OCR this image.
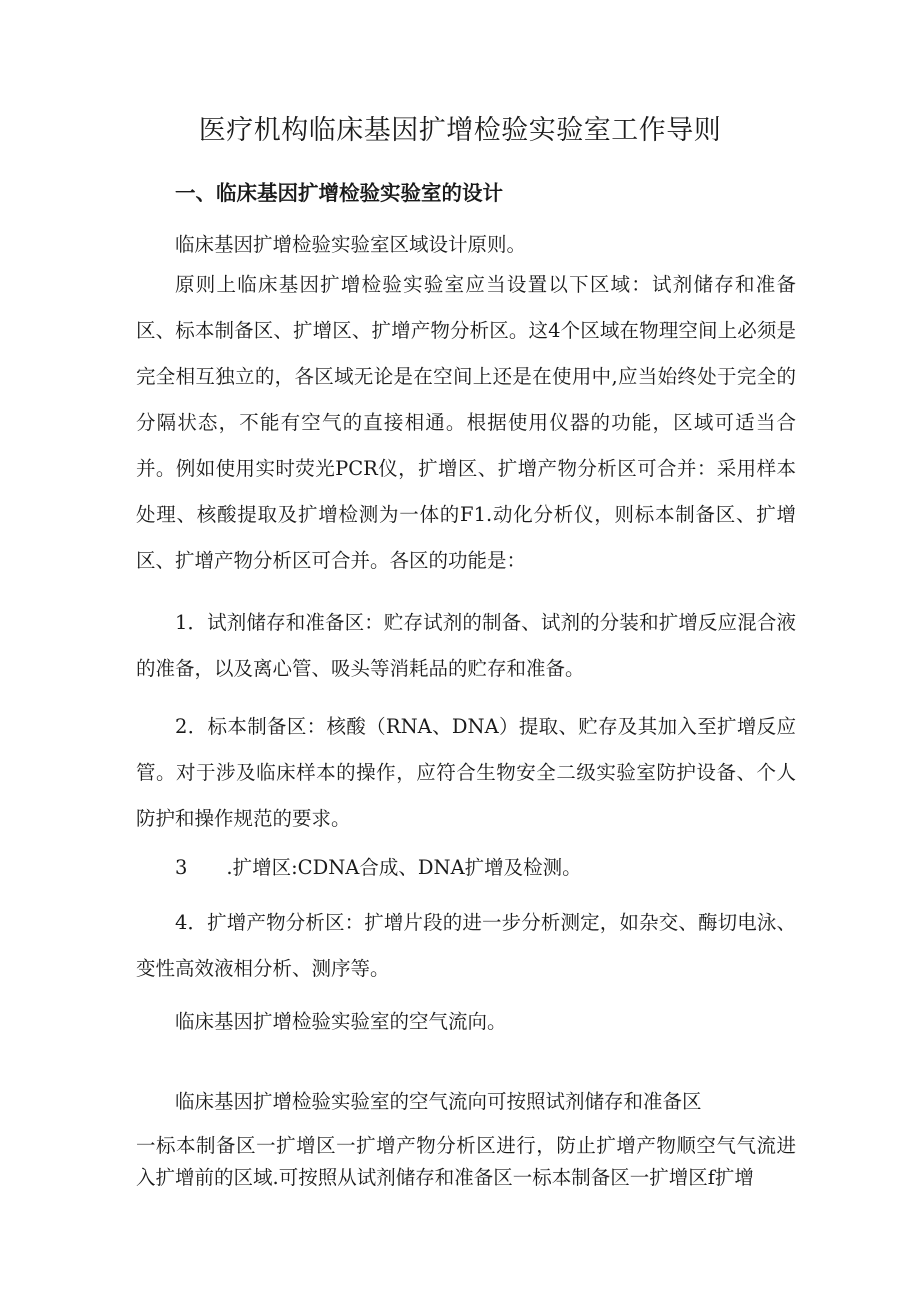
医疗机构临床基因扩增检验实验室工作导则
一、临床基因扩增检验实验室的设计

临床基因扩增检验实验室区域设计原则。

原则上临床基因扩增检验实验室应当设置以下区域：试剂储存和准备区、标本制备区、扩增区、扩增产物分析区。这4个区域在物理空间上必须是完全相互独立的，各区域无论是在空间上还是在使用中,应当始终处于完全的分隔状态，不能有空气的直接相通。根据使用仪器的功能，区域可适当合并。例如使用实时荧光PCR仪，扩增区、扩增产物分析区可合并：采用样本处理、核酸提取及扩增检测为一体的F1.动化分析仪，则标本制备区、扩增区、扩增产物分析区可合并。各区的功能是：

1．试剂储存和准备区：贮存试剂的制备、试剂的分装和扩增反应混合液的准备，以及离心管、吸头等消耗品的贮存和准备。

2．标本制备区：核酸（RNA、DNA）提取、贮存及其加入至扩增反应管。对于涉及临床样本的操作，应符合生物安全二级实验室防护设备、个人防护和操作规范的要求。

3　　.扩增区:CDNA合成、DNA扩增及检测。

4．扩增产物分析区：扩增片段的进一步分析测定，如杂交、酶切电泳、变性高效液相分析、测序等。

临床基因扩增检验实验室的空气流向。

临床基因扩增检验实验室的空气流向可按照试剂储存和准备区

一标本制备区一扩增区一扩增产物分析区进行，防止扩增产物顺空气气流进入扩增前的区域.可按照从试剂储存和准备区一标本制备区一扩增区f扩增
